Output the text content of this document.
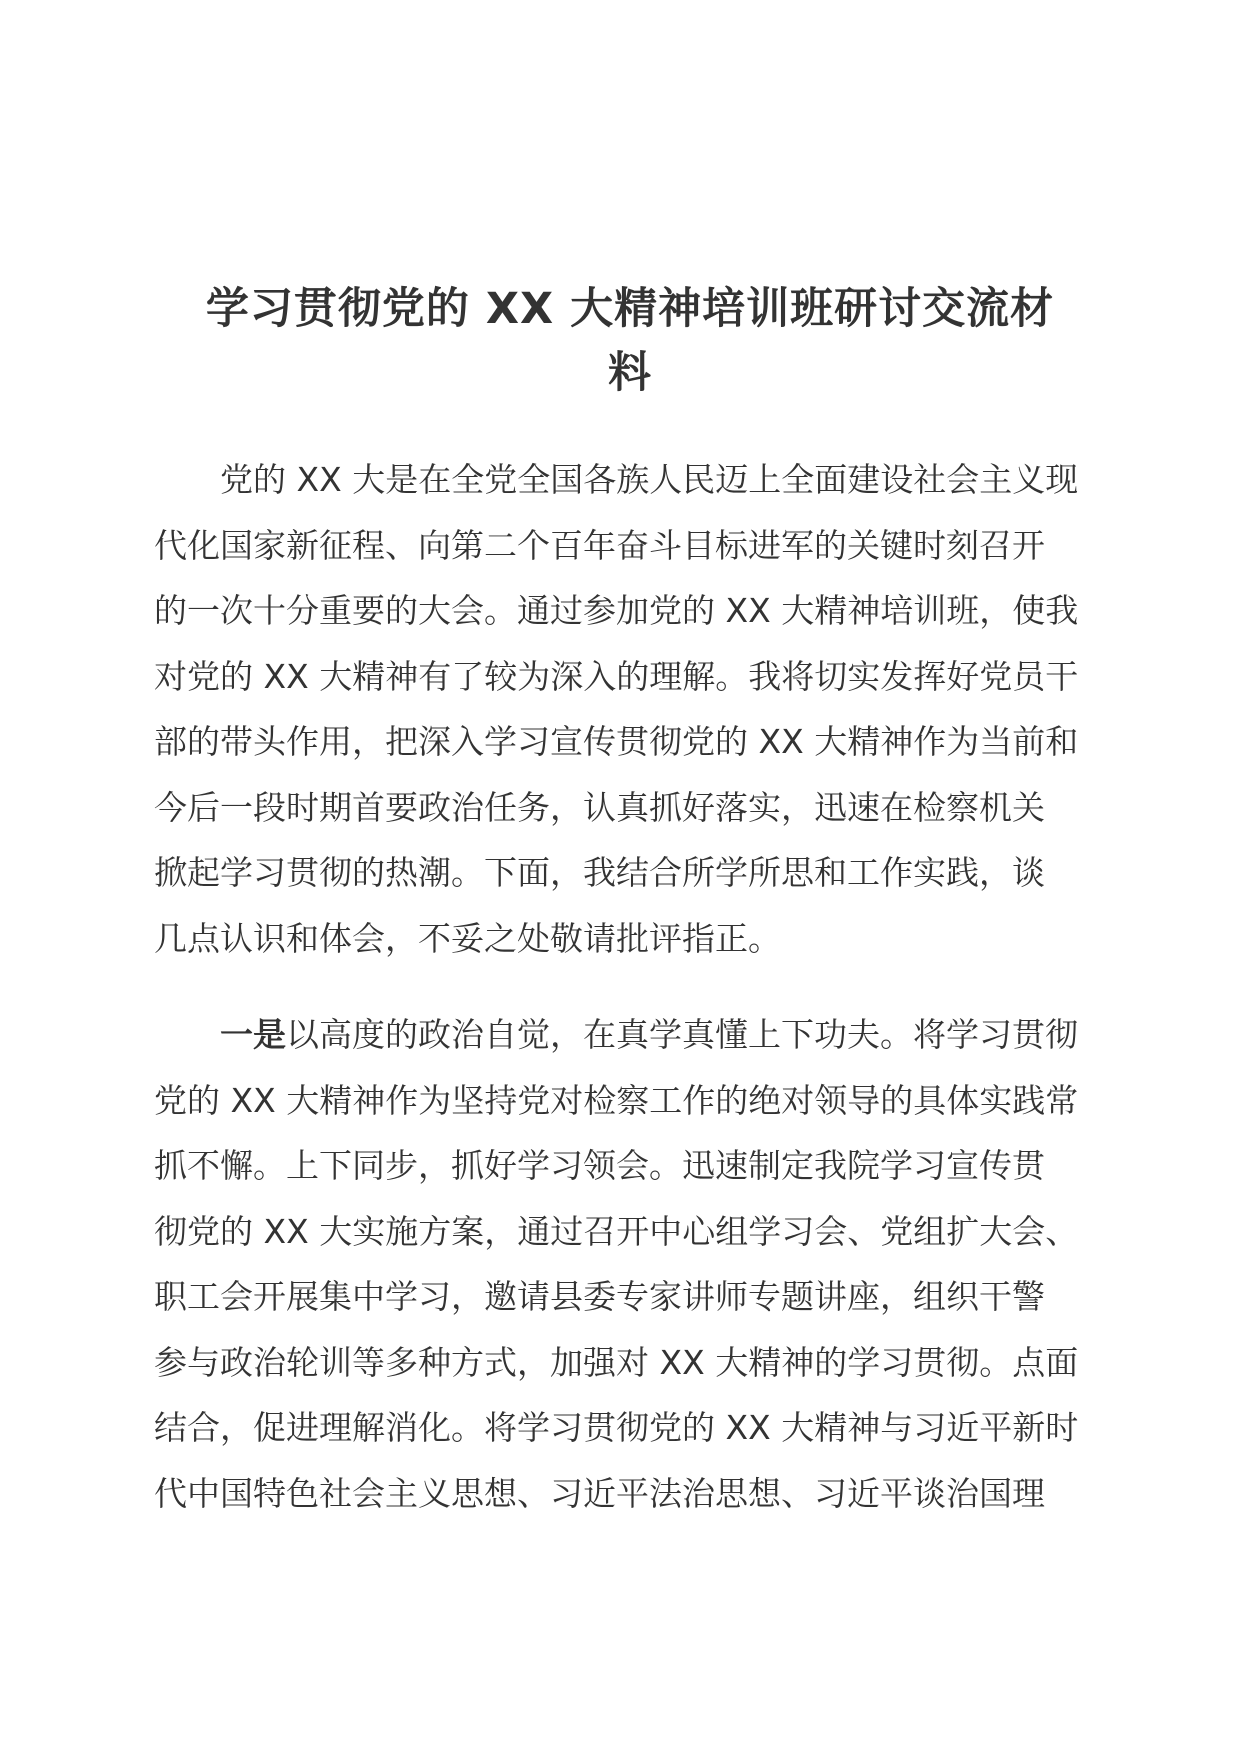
学习贯彻党的 XX 大精神培训班研讨交流材料
党的 XX 大是在全党全国各族人民迈上全面建设社会主义现
代化国家新征程、向第二个百年奋斗目标进军的关键时刻召开
的一次十分重要的大会。通过参加党的 XX 大精神培训班，使我
对党的 XX 大精神有了较为深入的理解。我将切实发挥好党员干
部的带头作用，把深入学习宣传贯彻党的 XX 大精神作为当前和
今后一段时期首要政治任务，认真抓好落实，迅速在检察机关
掀起学习贯彻的热潮。下面，我结合所学所思和工作实践，谈
几点认识和体会，不妥之处敬请批评指正。
一是以高度的政治自觉，在真学真懂上下功夫。将学习贯彻
党的 XX 大精神作为坚持党对检察工作的绝对领导的具体实践常
抓不懈。上下同步，抓好学习领会。迅速制定我院学习宣传贯
彻党的 XX 大实施方案，通过召开中心组学习会、党组扩大会、
职工会开展集中学习，邀请县委专家讲师专题讲座，组织干警
参与政治轮训等多种方式，加强对 XX 大精神的学习贯彻。点面
结合，促进理解消化。将学习贯彻党的 XX 大精神与习近平新时
代中国特色社会主义思想、习近平法治思想、习近平谈治国理
